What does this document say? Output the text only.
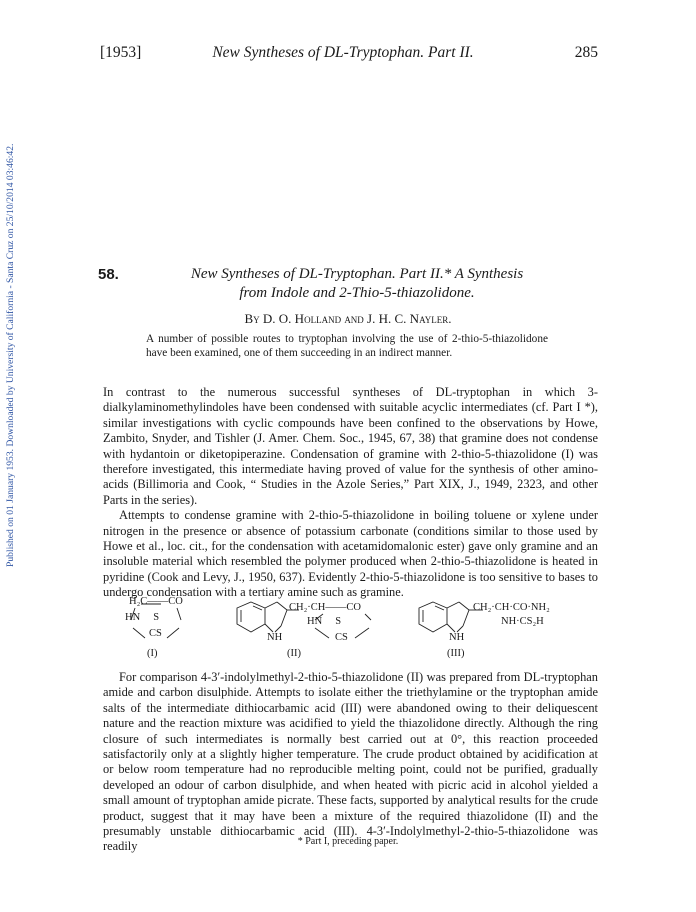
Published on 01 January 1953. Downloaded by University of California - Santa Cruz on 25/10/2014 03:46:42.
[1953]	New Syntheses of DL-Tryptophan. Part II.	285
58.	New Syntheses of DL-Tryptophan. Part II.* A Synthesis
from Indole and 2-Thio-5-thiazolidone.
By D. O. Holland and J. H. C. Nayler.
A number of possible routes to tryptophan involving the use of 2-thio-5-thiazolidone have been examined, one of them succeeding in an indirect manner.

In contrast to the numerous successful syntheses of DL-tryptophan in which 3-dialkylaminomethylindoles have been condensed with suitable acyclic intermediates (cf. Part I *), similar investigations with cyclic compounds have been confined to the observations by Howe, Zambito, Snyder, and Tishler (J. Amer. Chem. Soc., 1945, 67, 38) that gramine does not condense with hydantoin or diketopiperazine. Condensation of gramine with 2-thio-5-thiazolidone (I) was therefore investigated, this intermediate having proved of value for the synthesis of other amino-acids (Billimoria and Cook, “ Studies in the Azole Series,” Part XIX, J., 1949, 2323, and other Parts in the series).

Attempts to condense gramine with 2-thio-5-thiazolidone in boiling toluene or xylene under nitrogen in the presence or absence of potassium carbonate (conditions similar to those used by Howe et al., loc. cit., for the condensation with acetamidomalonic ester) gave only gramine and an insoluble material which resembled the polymer produced when 2-thio-5-thiazolidone is heated in pyridine (Cook and Levy, J., 1950, 637). Evidently 2-thio-5-thiazolidone is too sensitive to bases to undergo condensation with a tertiary amine such as gramine.

H₂C——CO
HN     S
CS
(I)
CH₂·CH——CO
HN     S
CS
NH
(II)
CH₂·CH·CO·NH₂
NH·CS₂H
NH
(III)

For comparison 4-3′-indolylmethyl-2-thio-5-thiazolidone (II) was prepared from DL-tryptophan amide and carbon disulphide. Attempts to isolate either the triethylamine or the tryptophan amide salts of the intermediate dithiocarbamic acid (III) were abandoned owing to their deliquescent nature and the reaction mixture was acidified to yield the thiazolidone directly. Although the ring closure of such intermediates is normally best carried out at 0°, this reaction proceeded satisfactorily only at a slightly higher temperature. The crude product obtained by acidification at or below room temperature had no reproducible melting point, could not be purified, gradually developed an odour of carbon disulphide, and when heated with picric acid in alcohol yielded a small amount of tryptophan amide picrate. These facts, supported by analytical results for the crude product, suggest that it may have been a mixture of the required thiazolidone (II) and the presumably unstable dithiocarbamic acid (III). 4-3′-Indolylmethyl-2-thio-5-thiazolidone was readily	* Part I, preceding paper.
